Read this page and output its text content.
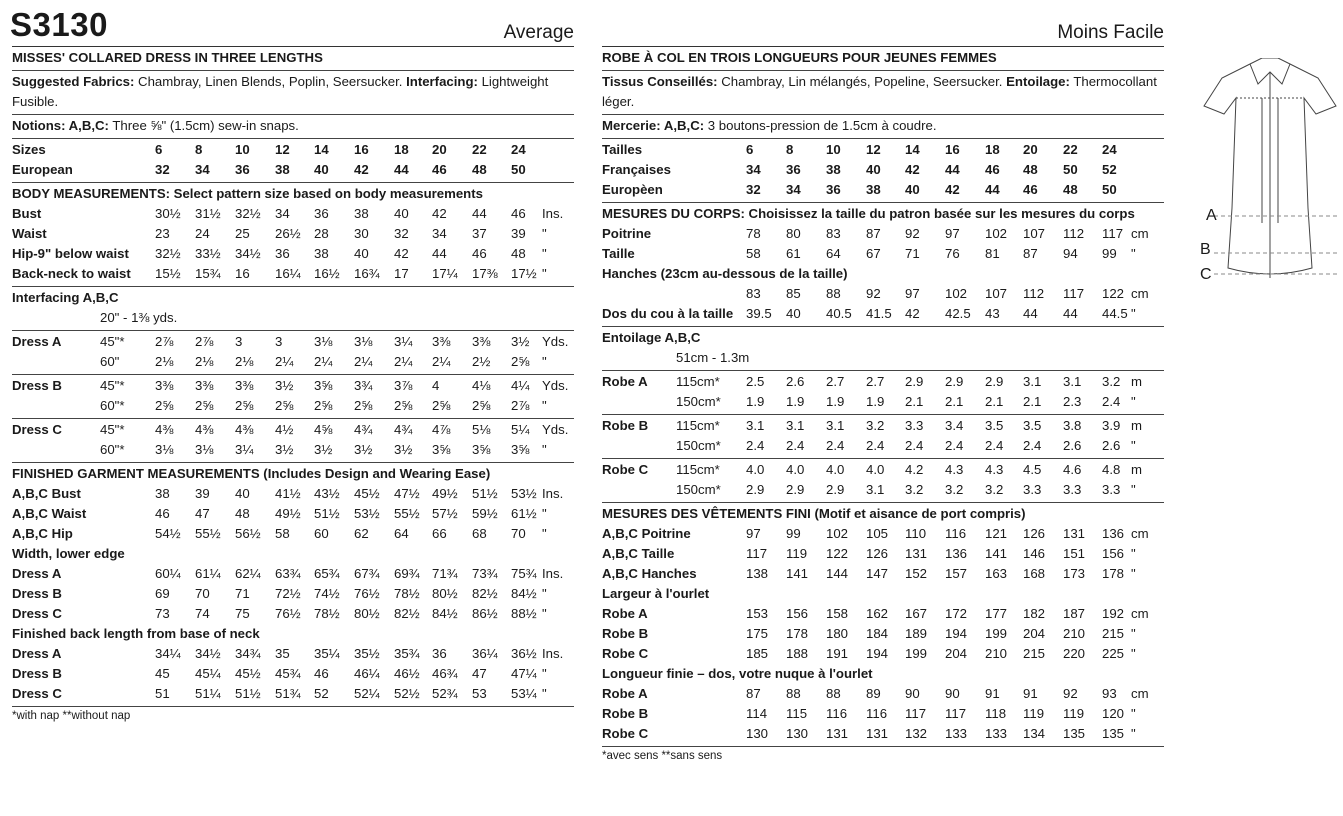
S3130	Average
MISSES' COLLARED DRESS IN THREE LENGTHS
Suggested Fabrics: Chambray, Linen Blends, Poplin, Seersucker. Interfacing: Lightweight Fusible.
Notions: A,B,C: Three ⅝" (1.5cm) sew-in snaps.
Sizes	6 8 10 12 14 16 18 20 22 24
European	32 34 36 38 40 42 44 46 48 50
BODY MEASUREMENTS: Select pattern size based on body measurements
Bust	30½ 31½ 32½ 34 36 38 40 42 44 46 Ins.
Waist	23 24 25 26½ 28 30 32 34 37 39 "
Hip-9" below waist 32½ 33½ 34½ 36 38 40 42 44 46 48 "
Back-neck to waist 15½ 15¾ 16 16¼ 16½ 16¾ 17 17¼ 17⅜ 17½ "
Interfacing A,B,C
20" - 1⅜ yds.
Dress A	45"* 2⅞ 2⅞ 3 3 3⅛ 3⅛ 3¼ 3⅜ 3⅜ 3½ Yds.
60"	2⅛ 2⅛ 2⅛ 2¼ 2¼ 2¼ 2¼ 2¼ 2½ 2⅝ "
Dress B	45"* 3⅜ 3⅜ 3⅜ 3½ 3⅝ 3¾ 3⅞ 4 4⅛ 4¼ Yds.
60"* 2⅝ 2⅝ 2⅝ 2⅝ 2⅝ 2⅝ 2⅝ 2⅝ 2⅝ 2⅞ "
Dress C	45"* 4⅜ 4⅜ 4⅜ 4½ 4⅝ 4¾ 4¾ 4⅞ 5⅛ 5¼ Yds.
60"* 3⅛ 3⅛ 3¼ 3½ 3½ 3½ 3½ 3⅝ 3⅝ 3⅝ "
FINISHED GARMENT MEASUREMENTS (Includes Design and Wearing Ease)
A,B,C Bust	38 39 40 41½ 43½ 45½ 47½ 49½ 51½ 53½ Ins.
A,B,C Waist	46 47 48 49½ 51½ 53½ 55½ 57½ 59½ 61½ "
A,B,C Hip	54½ 55½ 56½ 58 60 62 64 66 68 70 "
Width, lower edge
Dress A	60¼ 61¼ 62¼ 63¾ 65¾ 67¾ 69¾ 71¾ 73¾ 75¾ Ins.
Dress B	69 70 71 72½ 74½ 76½ 78½ 80½ 82½ 84½ "
Dress C	73 74 75 76½ 78½ 80½ 82½ 84½ 86½ 88½ "
Finished back length from base of neck
Dress A	34¼ 34½ 34¾ 35 35¼ 35½ 35¾ 36 36¼ 36½ Ins.
Dress B	45 45¼ 45½ 45¾ 46 46¼ 46½ 46¾ 47 47¼ "
Dress C	51 51¼ 51½ 51¾ 52 52¼ 52½ 52¾ 53 53¼ "
*with nap **without nap
Moins Facile
ROBE À COL EN TROIS LONGUEURS POUR JEUNES FEMMES
Tissus Conseillés: Chambray, Lin mélangés, Popeline, Seersucker. Entoilage: Thermocollant léger.
Mercerie: A,B,C: 3 boutons-pression de 1.5cm à coudre.
Tailles	6 8 10 12 14 16 18 20 22 24
Françaises	34 36 38 40 42 44 46 48 50 52
Europèen	32 34 36 38 40 42 44 46 48 50
MESURES DU CORPS: Choisissez la taille du patron basée sur les mesures du corps
Poitrine	78 80 83 87 92 97 102 107 112 117 cm
Taille	58 61 64 67 71 76 81 87 94 99 "
Hanches (23cm au-dessous de la taille)
83 85 88 92 97 102 107 112 117 122 cm
Dos du cou à la taille 39.5 40 40.5 41.5 42 42.5 43 44 44 44.5 "
Entoilage A,B,C
51cm - 1.3m
Robe A 115cm* 2.5 2.6 2.7 2.7 2.9 2.9 2.9 3.1 3.1 3.2 m
150cm* 1.9 1.9 1.9 1.9 2.1 2.1 2.1 2.1 2.3 2.4 "
Robe B 115cm* 3.1 3.1 3.1 3.2 3.3 3.4 3.5 3.5 3.8 3.9 m
150cm* 2.4 2.4 2.4 2.4 2.4 2.4 2.4 2.4 2.6 2.6 "
Robe C 115cm* 4.0 4.0 4.0 4.0 4.2 4.3 4.3 4.5 4.6 4.8 m
150cm* 2.9 2.9 2.9 3.1 3.2 3.2 3.2 3.3 3.3 3.3 "
MESURES DES VÊTEMENTS FINI (Motif et aisance de port compris)
A,B,C Poitrine	97 99 102 105 110 116 121 126 131 136 cm
A,B,C Taille	117 119 122 126 131 136 141 146 151 156 "
A,B,C Hanches	138 141 144 147 152 157 163 168 173 178 "
Largeur à l'ourlet
Robe A	153 156 158 162 167 172 177 182 187 192 cm
Robe B	175 178 180 184 189 194 199 204 210 215 "
Robe C	185 188 191 194 199 204 210 215 220 225 "
Longueur finie – dos, votre nuque à l'ourlet
Robe A	87 88 88 89 90 90 91 91 92 93 cm
Robe B	114 115 116 116 117 117 118 119 119 120 "
Robe C	130 130 131 131 132 133 133 134 135 135 "
*avec sens **sans sens
A
B
C
